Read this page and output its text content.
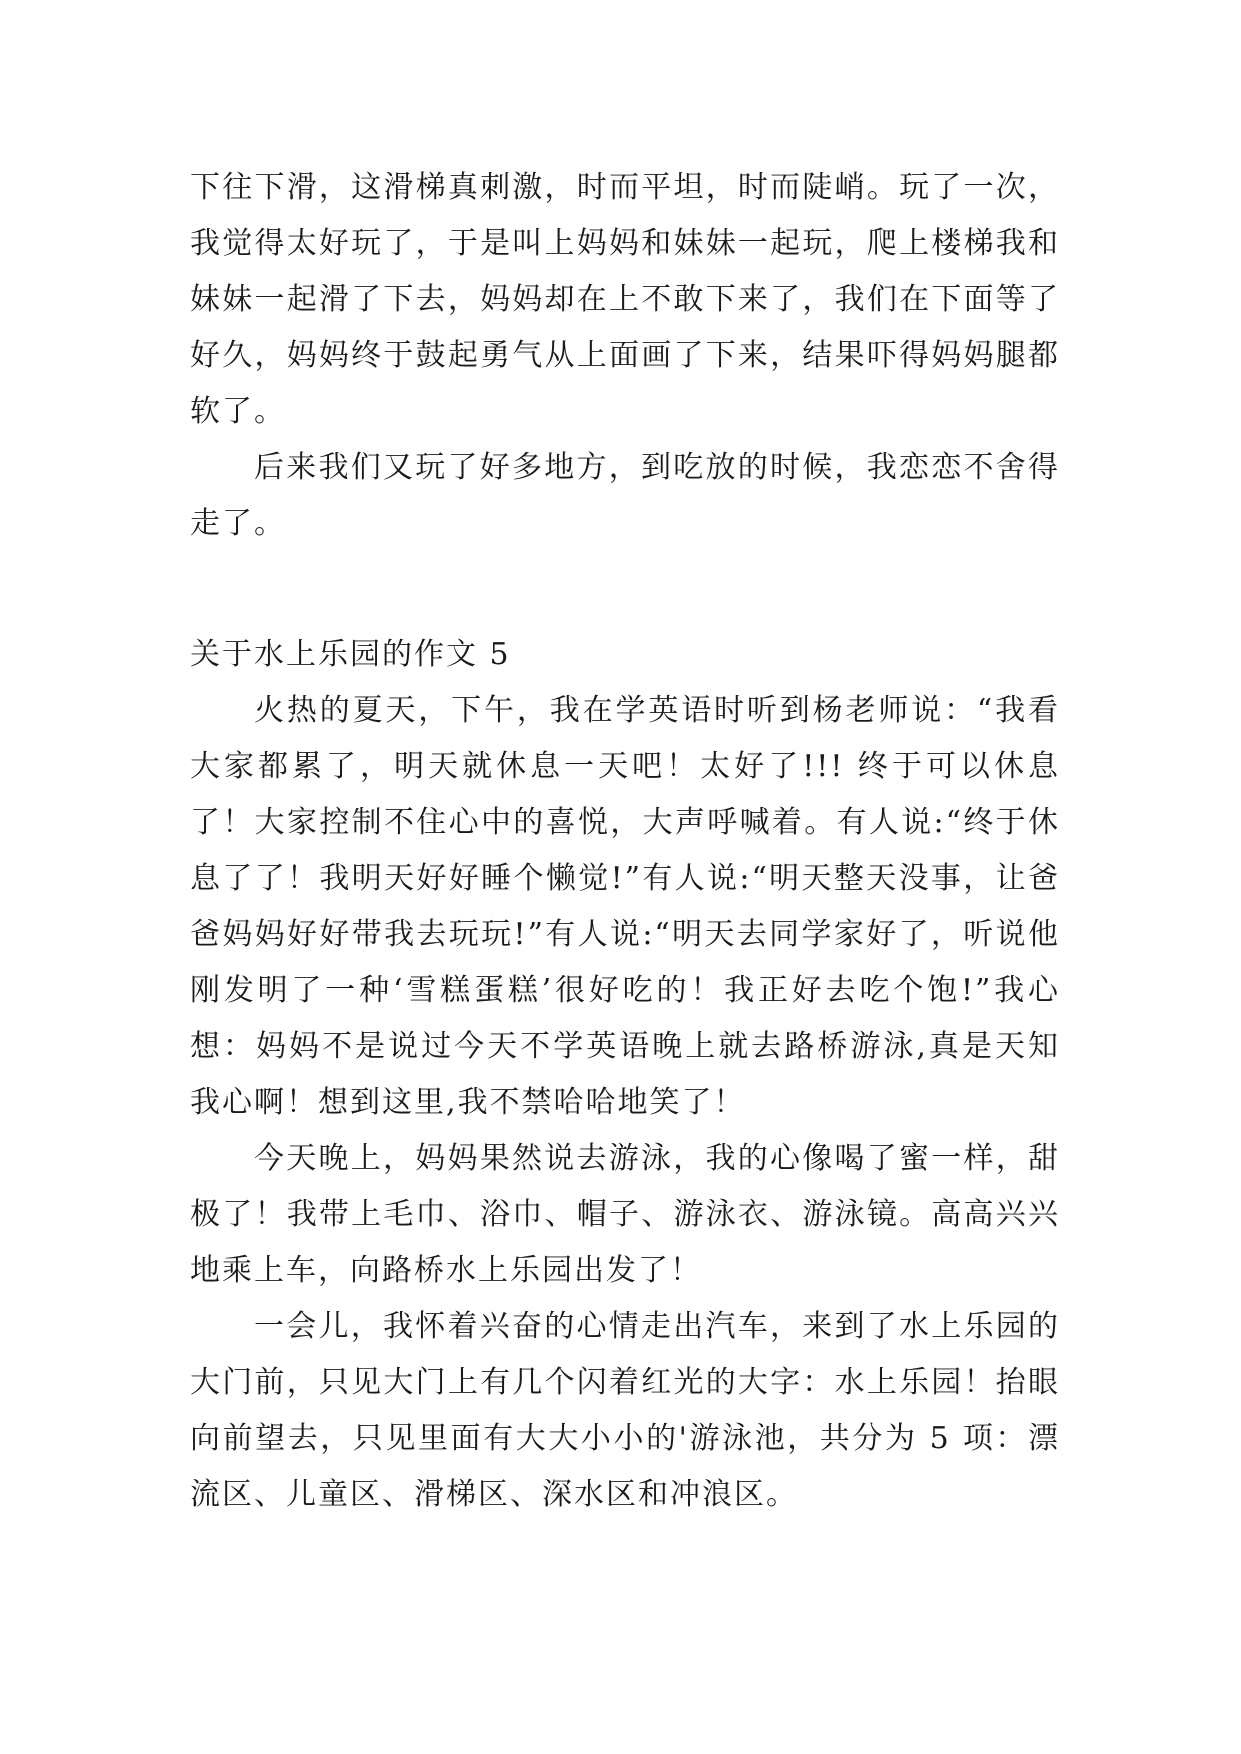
下往下滑，这滑梯真刺激，时而平坦，时而陡峭。玩了一次，我觉得太好玩了，于是叫上妈妈和妹妹一起玩，爬上楼梯我和妹妹一起滑了下去，妈妈却在上不敢下来了，我们在下面等了好久，妈妈终于鼓起勇气从上面画了下来，结果吓得妈妈腿都软了。

后来我们又玩了好多地方，到吃放的时候，我恋恋不舍得走了。

关于水上乐园的作文 5

火热的夏天，下午，我在学英语时听到杨老师说：“我看大家都累了，明天就休息一天吧！太好了!!! 终于可以休息了！大家控制不住心中的喜悦，大声呼喊着。有人说:“终于休息了了！我明天好好睡个懒觉!”有人说:“明天整天没事，让爸爸妈妈好好带我去玩玩!”有人说:“明天去同学家好了，听说他刚发明了一种‘雪糕蛋糕’很好吃的！我正好去吃个饱!”我心想：妈妈不是说过今天不学英语晚上就去路桥游泳,真是天知我心啊！想到这里,我不禁哈哈地笑了！

今天晚上，妈妈果然说去游泳，我的心像喝了蜜一样，甜极了！我带上毛巾、浴巾、帽子、游泳衣、游泳镜。高高兴兴地乘上车，向路桥水上乐园出发了！

一会儿，我怀着兴奋的心情走出汽车，来到了水上乐园的大门前，只见大门上有几个闪着红光的大字：水上乐园！抬眼向前望去，只见里面有大大小小的'游泳池，共分为 5 项：漂流区、儿童区、滑梯区、深水区和冲浪区。
